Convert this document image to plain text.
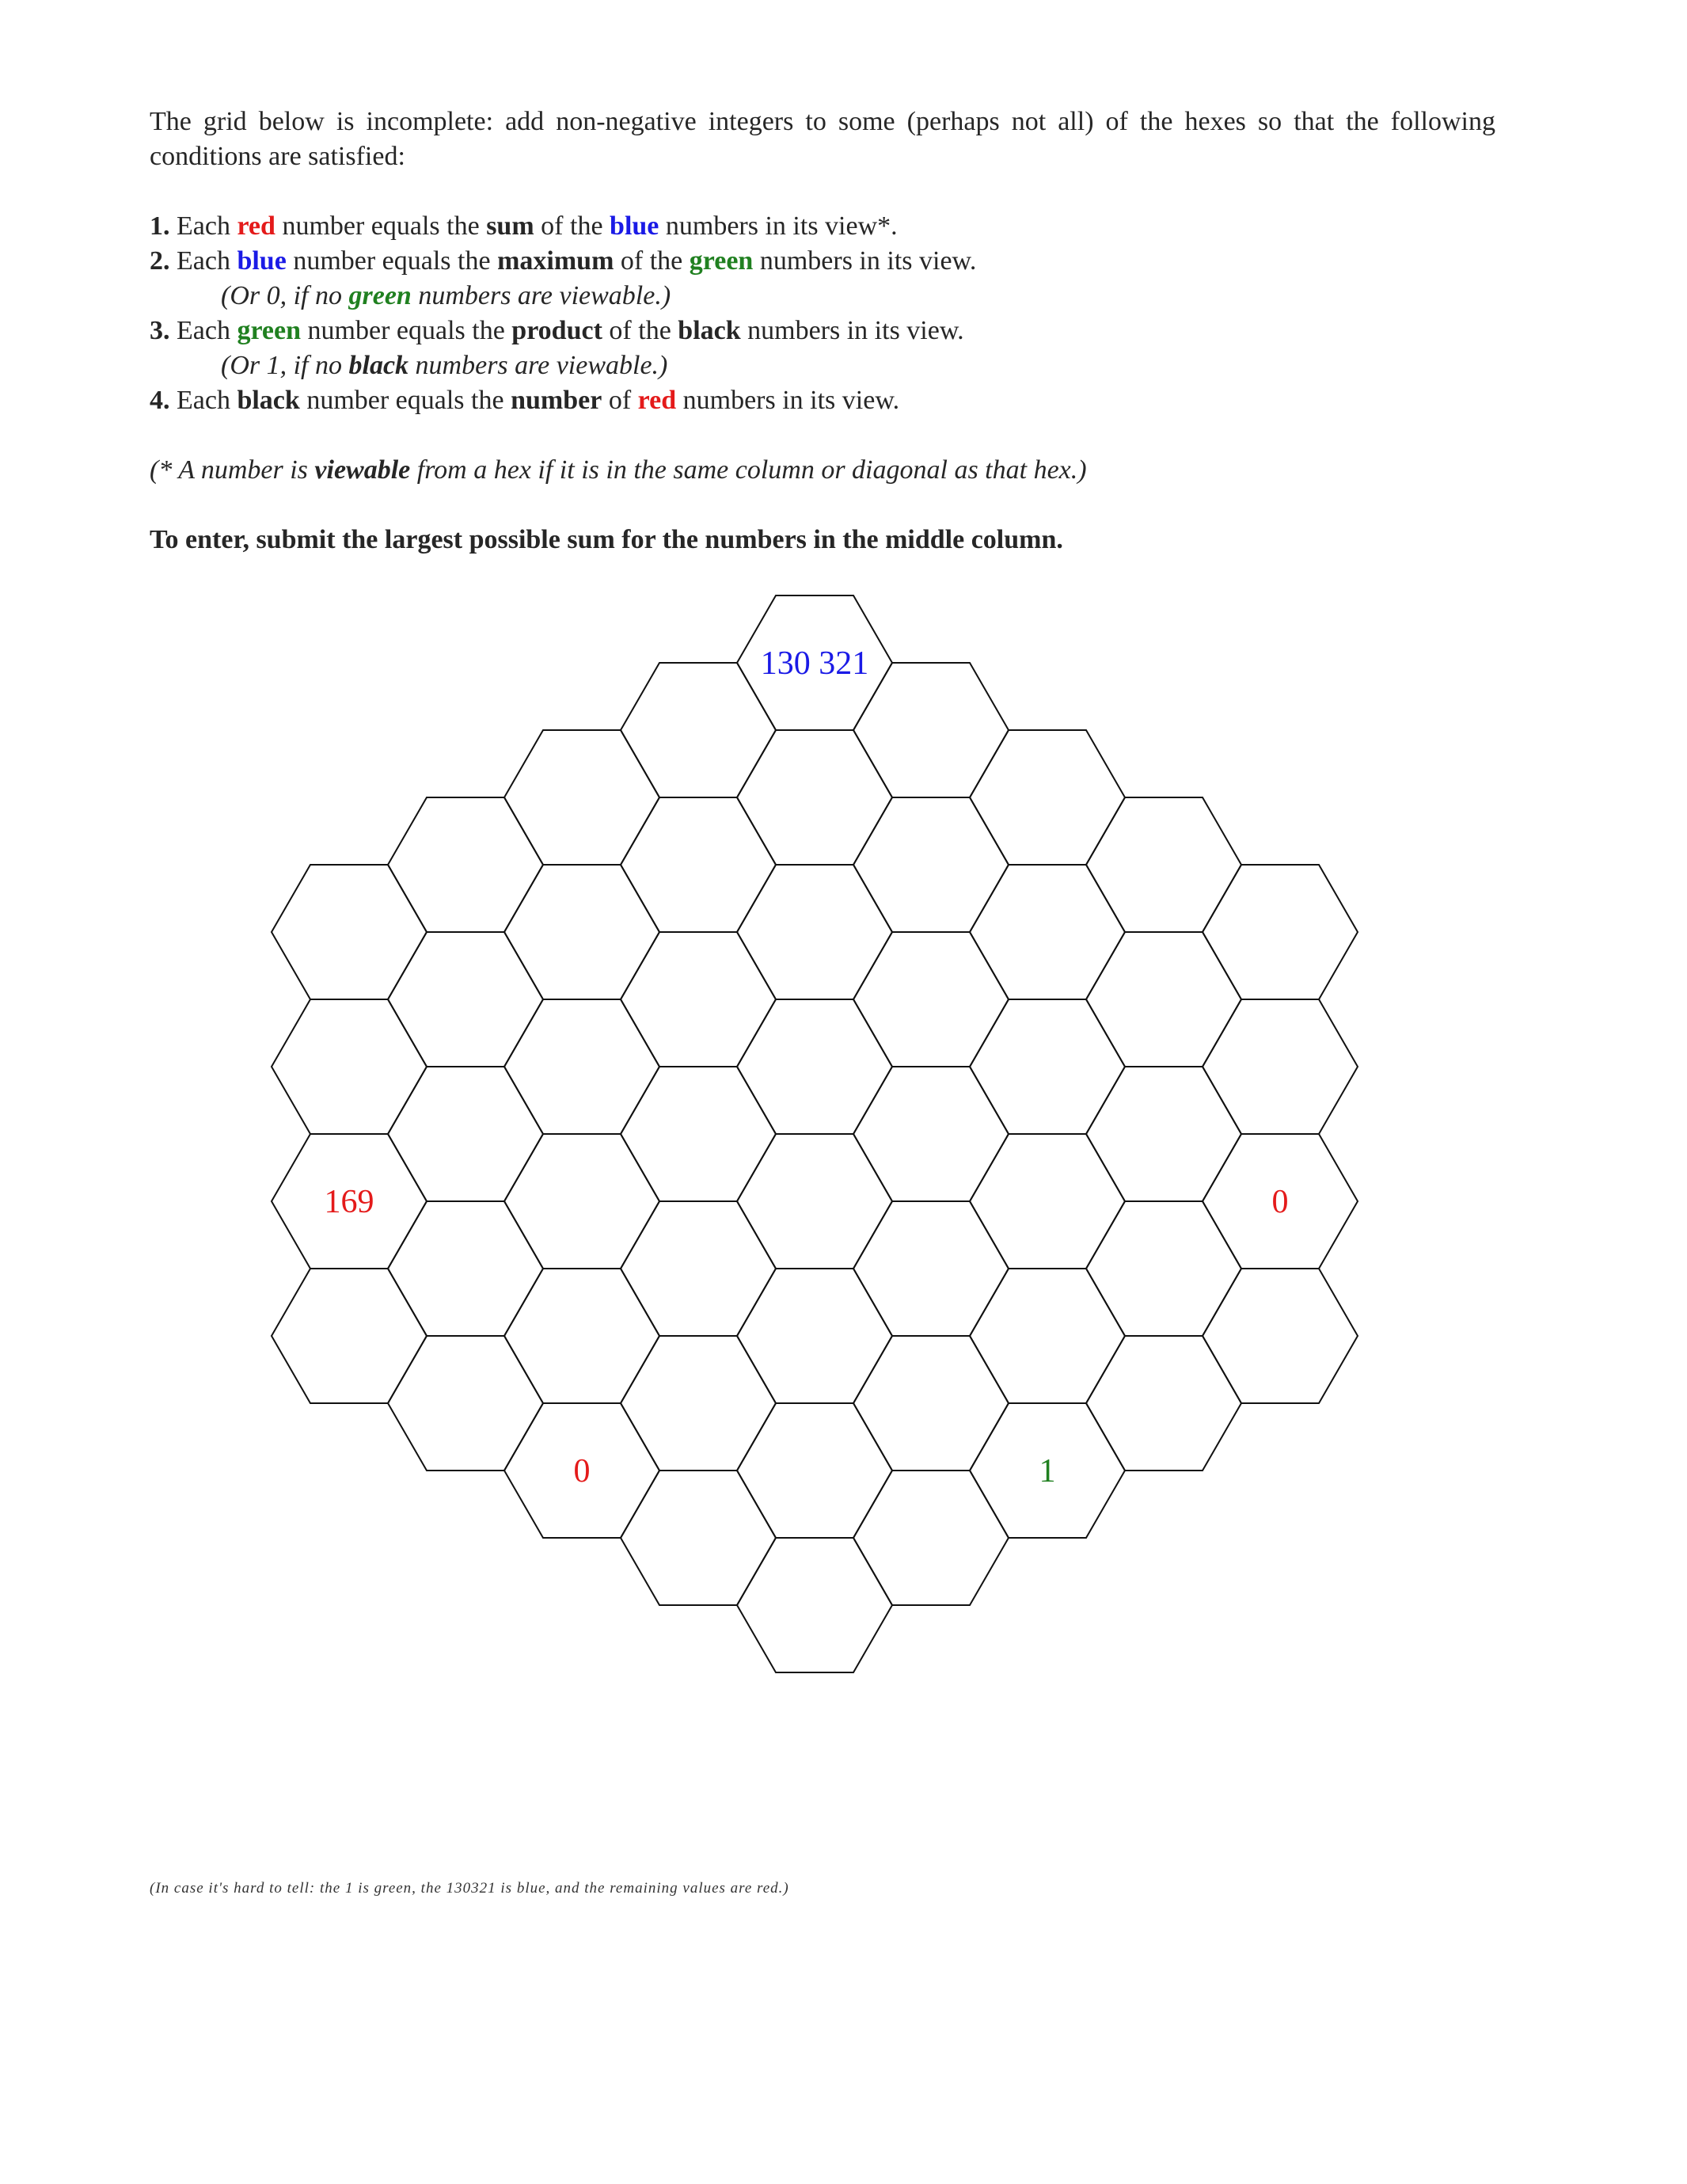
The grid below is incomplete: add non-negative integers to some (perhaps not all) of the hexes so that the following conditions are satisfied:

1. Each red number equals the sum of the blue numbers in its view*.

2. Each blue number equals the maximum of the green numbers in its view.

(Or 0, if no green numbers are viewable.)

3. Each green number equals the product of the black numbers in its view.

(Or 1, if no black numbers are viewable.)

4. Each black number equals the number of red numbers in its view.

(* A number is viewable from a hex if it is in the same column or diagonal as that hex.)

To enter, submit the largest possible sum for the numbers in the middle column.

130 321
169	0
0	1
(In case it's hard to tell: the 1 is green, the 130321 is blue, and the remaining values are red.)
